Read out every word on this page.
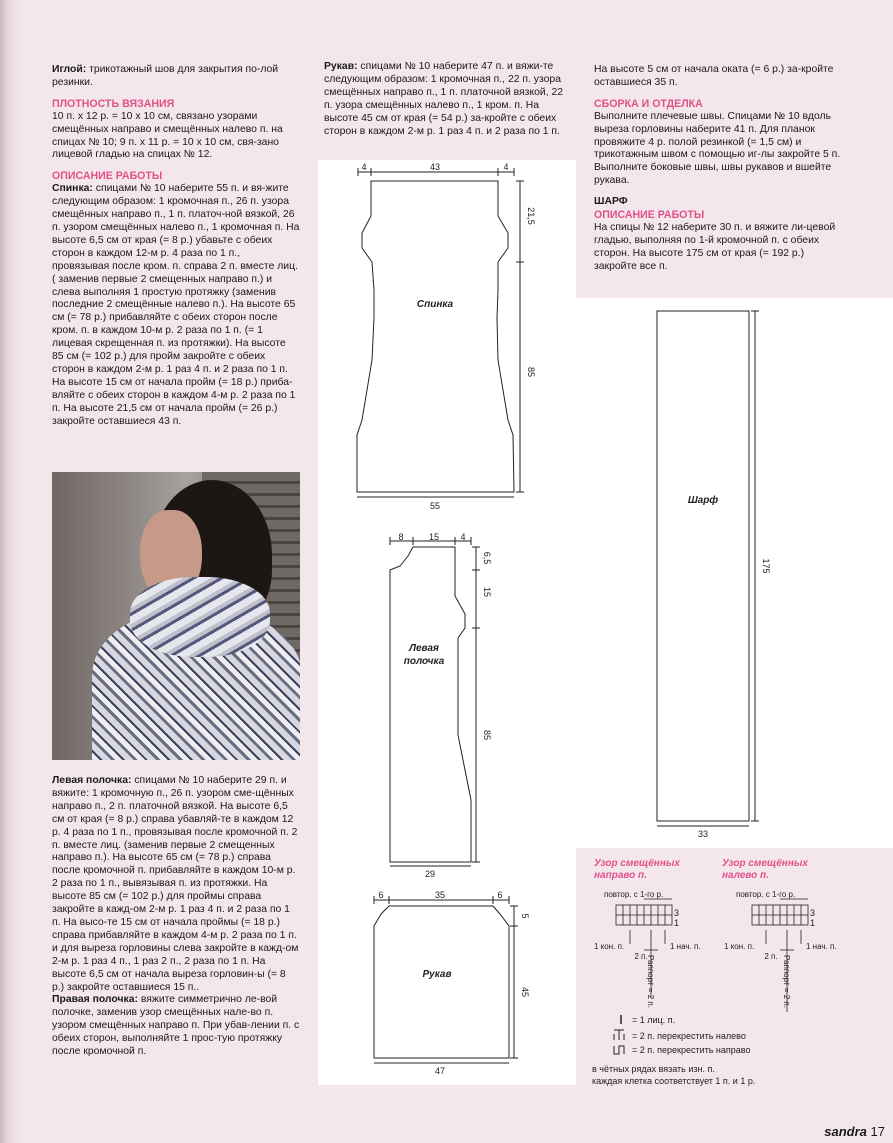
Иглой: трикотажный шов для закрытия по-лой резинки.

ПЛОТНОСТЬ ВЯЗАНИЯ

10 п. х 12 р. = 10 х 10 см, связано узорами смещённых направо и смещённых налево п. на спицах № 10; 9 п. х 11 р. = 10 х 10 см, свя-зано лицевой гладью на спицах № 12.

ОПИСАНИЕ РАБОТЫ

Спинка: спицами № 10 наберите 55 п. и вя-жите следующим образом: 1 кромочная п., 26 п. узора смещённых направо п., 1 п. платоч-ной вязкой, 26 п. узором смещённых налево п., 1 кромочная п. На высоте 6,5 см от края (= 8 р.) убавьте с обеих сторон в каждом 12-м р. 4 раза по 1 п., провязывая после кром. п. справа 2 п. вместе лиц. ( заменив первые 2 смещенных направо п.) и слева выполняя 1 простую протяжку (заменив последние 2 смещённые налево п.). На высоте 65 см (= 78 р.) прибавляйте с обеих сторон после кром. п. в каждом 10-м р. 2 раза по 1 п. (= 1 лицевая скрещенная п. из протяжки). На высоте 85 см (= 102 р.) для пройм закройте с обеих сторон в каждом 2-м р. 1 раз 4 п. и 2 раза по 1 п. На высоте 15 см от начала пройм (= 18 р.) приба-вляйте с обеих сторон в каждом 4-м р. 2 раза по 1 п. На высоте 21,5 см от начала пройм (= 26 р.) закройте оставшиеся 43 п.

Левая полочка: спицами № 10 наберите 29 п. и вяжите: 1 кромочную п., 26 п. узором сме-щённых направо п., 2 п. платочной вязкой. На высоте 6,5 см от края (= 8 р.) справа убавляй-те в каждом 12 р. 4 раза по 1 п., провязывая после кромочной п. 2 п. вместе лиц. (заменив первые 2 смещенных направо п.). На высоте 65 см (= 78 р.) справа после кромочной п. прибавляйте в каждом 10-м р. 2 раза по 1 п., вывязывая п. из протяжки. На высоте 85 см (= 102 р.) для проймы справа закройте в кажд-ом 2-м р. 1 раз 4 п. и 2 раза по 1 п. На высо-те 15 см от начала проймы (= 18 р.) справа прибавляйте в каждом 4-м р. 2 раза по 1 п. и для выреза горловины слева закройте в кажд-ом 2-м р. 1 раз 4 п., 1 раз 2 п., 2 раза по 1 п. На высоте 6,5 см от начала выреза горловин-ы (= 8 р.) закройте оставшиеся 15 п..

Правая полочка: вяжите симметрично ле-вой полочке, заменив узор смещённых нале-во п. узором смещённых направо п. При убав-лении п. с обеих сторон, выполняйте 1 прос-тую протяжку после кромочной п.

Рукав: спицами № 10 наберите 47 п. и вяжи-те следующим образом: 1 кромочная п., 22 п. узора смещённых направо п., 1 п. платочной вязкой, 22 п. узора смещённых налево п., 1 кром. п. На высоте 45 см от края (= 54 р.) за-кройте с обеих сторон в каждом 2-м р. 1 раз 4 п. и 2 раза по 1 п.

На высоте 5 см от начала оката (= 6 р.) за-кройте оставшиеся 35 п.

СБОРКА И ОТДЕЛКА

Выполните плечевые швы. Спицами № 10 вдоль выреза горловины наберите 41 п. Для планок провяжите 4 р. полой резинкой (= 1,5 см) и трикотажным швом с помощью иг-лы закройте 5 п. Выполните боковые швы, швы рукавов и вшейте рукава.

ШАРФ

ОПИСАНИЕ РАБОТЫ

На спицы № 12 наберите 30 п. и вяжите ли-цевой гладью, выполняя по 1-й кромочной п. с обеих сторон. На высоте 175 см от края (= 192 р.) закройте все п.

4	43	4
21,5
85
55
Спинка
8	15 4
6,5
15
85
29
Левая
полочка
6	35	6
5
45
47
Рукав
175
33
Шарф
Узор смещённых
направо п.
повтор. с 1-го р.
3
1
1 кон. п.	1 нач. п.
2 п.
Раппорт = 2 п.
Узор смещённых
налево п.
повтор. с 1-го р.
3
1
1 кон. п.	1 нач. п.
2 п. Раппорт = 2 п.
= 1 лиц. п.
= 2 п. перекрестить налево
= 2 п. перекрестить направо
в чётных рядах вязать изн. п.
каждая клетка соответствует 1 п. и 1 р.
sandra 17
